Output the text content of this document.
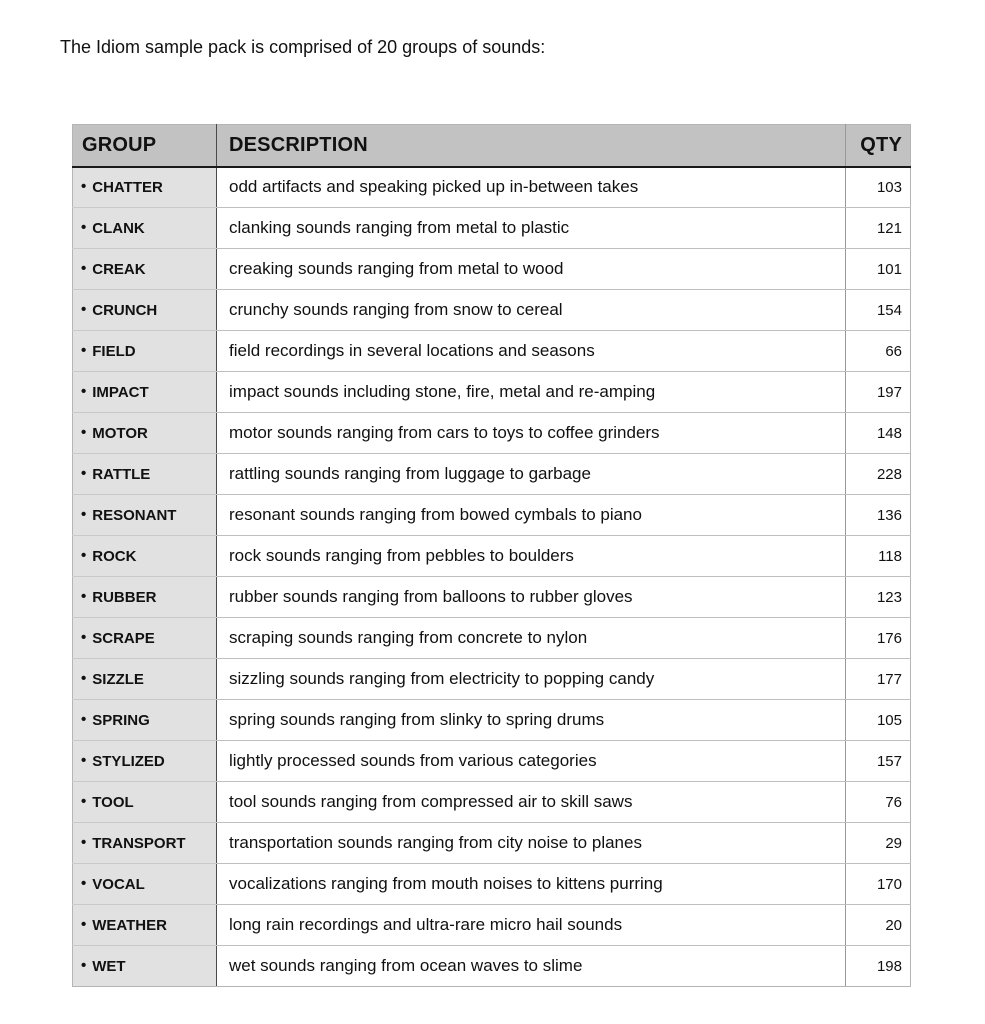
The Idiom sample pack is comprised of 20 groups of sounds:

GROUP	DESCRIPTION	QTY
• CHATTER	odd artifacts and speaking picked up in-between takes	103
• CLANK	clanking sounds ranging from metal to plastic	121
• CREAK	creaking sounds ranging from metal to wood	101
• CRUNCH	crunchy sounds ranging from snow to cereal	154
• FIELD	field recordings in several locations and seasons	66
• IMPACT	impact sounds including stone, fire, metal and re-amping	197
• MOTOR	motor sounds ranging from cars to toys to coffee grinders	148
• RATTLE	rattling sounds ranging from luggage to garbage	228
• RESONANT	resonant sounds ranging from bowed cymbals to piano	136
• ROCK	rock sounds ranging from pebbles to boulders	118
• RUBBER	rubber sounds ranging from balloons to rubber gloves	123
• SCRAPE	scraping sounds ranging from concrete to nylon	176
• SIZZLE	sizzling sounds ranging from electricity to popping candy	177
• SPRING	spring sounds ranging from slinky to spring drums	105
• STYLIZED	lightly processed sounds from various categories	157
• TOOL	tool sounds ranging from compressed air to skill saws	76
• TRANSPORT	transportation sounds ranging from city noise to planes	29
• VOCAL	vocalizations ranging from mouth noises to kittens purring	170
• WEATHER	long rain recordings and ultra-rare micro hail sounds	20
• WET	wet sounds ranging from ocean waves to slime	198
